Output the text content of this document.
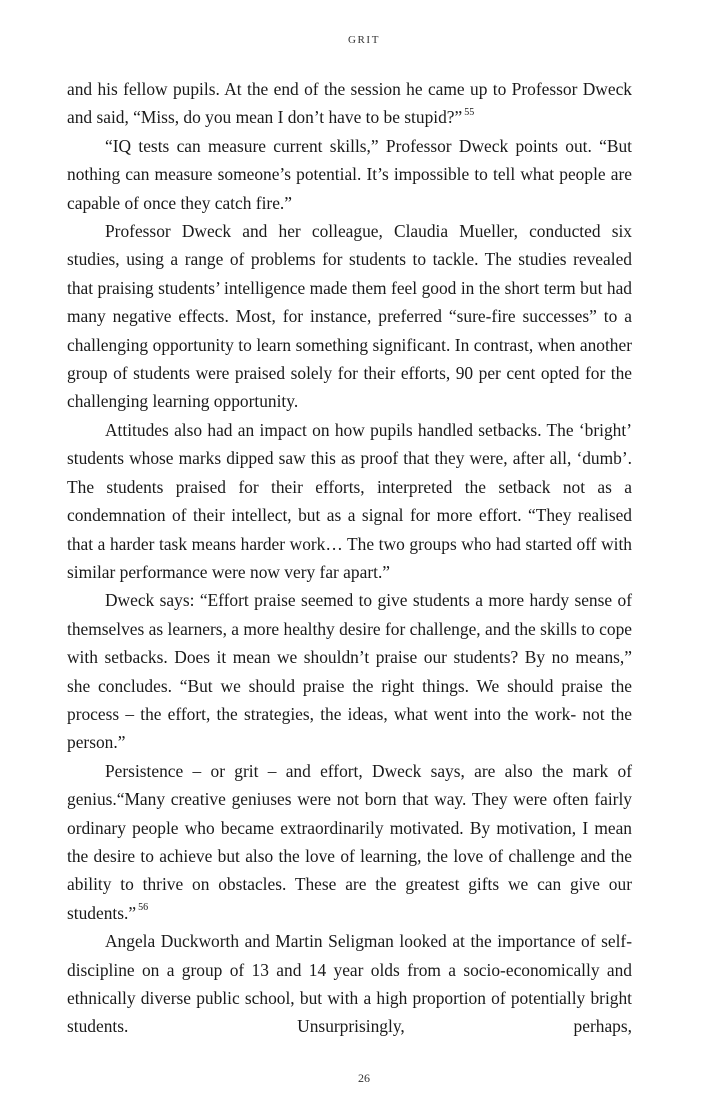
GRIT

and his fellow pupils. At the end of the session he came up to Professor Dweck and said, “Miss, do you mean I don’t have to be stupid?” $^{55}$

“IQ tests can measure current skills,” Professor Dweck points out. “But nothing can measure someone’s potential. It’s impossible to tell what people are capable of once they catch fire.”

Professor Dweck and her colleague, Claudia Mueller, conducted six studies, using a range of problems for students to tackle. The studies revealed that praising students’ intelligence made them feel good in the short term but had many negative effects. Most, for instance, preferred “sure-fire successes” to a challenging opportunity to learn something significant. In contrast, when another group of students were praised solely for their efforts, 90 per cent opted for the challenging learning opportunity.

Attitudes also had an impact on how pupils handled setbacks. The ‘bright’ students whose marks dipped saw this as proof that they were, after all, ‘dumb’. The students praised for their efforts, interpreted the setback not as a condemnation of their intellect, but as a signal for more effort. “They realised that a harder task means harder work… The two groups who had started off with similar performance were now very far apart.”

Dweck says: “Effort praise seemed to give students a more hardy sense of themselves as learners, a more healthy desire for challenge, and the skills to cope with setbacks. Does it mean we shouldn’t praise our students? By no means,” she concludes. “But we should praise the right things. We should praise the process – the effort, the strategies, the ideas, what went into the work- not the person.”

Persistence – or grit – and effort, Dweck says, are also the mark of genius.“Many creative geniuses were not born that way. They were often fairly ordinary people who became extraordinarily motivated. By motivation, I mean the desire to achieve but also the love of learning, the love of challenge and the ability to thrive on obstacles. These are the greatest gifts we can give our students.” $^{56}$

Angela Duckworth and Martin Seligman looked at the importance of self-discipline on a group of 13 and 14 year olds from a socio-economically and ethnically diverse public school, but with a high proportion of potentially bright students. Unsurprisingly, perhaps,

26
